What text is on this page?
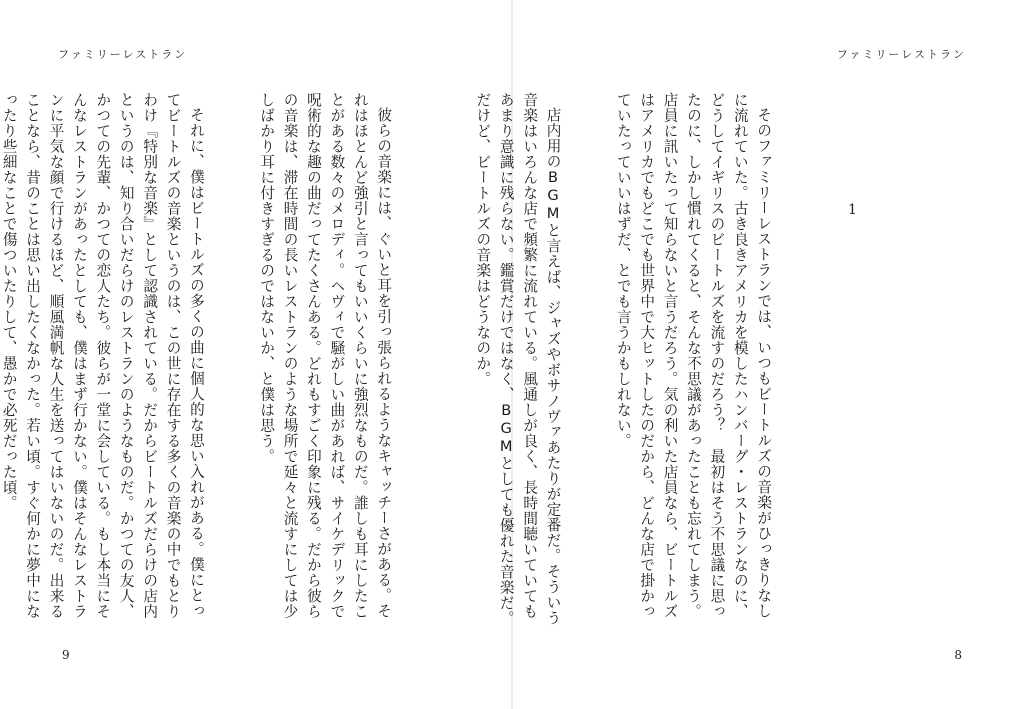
ファミリーレストラン

彼らの音楽には、ぐいと耳を引っ張られるようなキャッチーさがある。それはほとんど強引と言ってもいいくらいに強烈なものだ。誰しも耳にしたことがある数々のメロディ。ヘヴィで騒がしい曲があれば、サイケデリックで呪術的な趣の曲だってたくさんある。どれもすごく印象に残る。だから彼らの音楽は、滞在時間の長いレストランのような場所で延々と流すにしては少しばかり耳に付きすぎるのではないか、と僕は思う。

それに、僕はビートルズの多くの曲に個人的な思い入れがある。僕にとってビートルズの音楽というのは、この世に存在する多くの音楽の中でもとりわけ『特別な音楽』として認識されている。だからビートルズだらけの店内というのは、知り合いだらけのレストランのようなものだ。かつての友人、かつての先輩、かつての恋人たち。彼らが一堂に会している。もし本当にそんなレストランがあったとしても、僕はまず行かない。僕はそんなレストランに平気な顔で行けるほど、順風満帆な人生を送ってはいないのだ。出来ることなら、昔のことは思い出したくなかった。若い頃。すぐ何かに夢中になったり些細なことで傷ついたりして、愚かで必死だった頃。

9
ファミリーレストラン
1

そのファミリーレストランでは、いつもビートルズの音楽がひっきりなしに流れていた。古き良きアメリカを模したハンバーグ・レストランなのに、どうしてイギリスのビートルズを流すのだろう？　最初はそう不思議に思ったのに、しかし慣れてくると、そんな不思議があったことも忘れてしまう。店員に訊いたって知らないと言うだろう。気の利いた店員なら、ビートルズはアメリカでもどこでも世界中で大ヒットしたのだから、どんな店で掛かっていたっていいはずだ、とでも言うかもしれない。

店内用のBGMと言えば、ジャズやボサノヴァあたりが定番だ。そういう音楽はいろんな店で頻繁に流れている。風通しが良く、長時間聴いていてもあまり意識に残らない。鑑賞だけではなく、BGMとしても優れた音楽だ。だけど、ビートルズの音楽はどうなのか。

8
